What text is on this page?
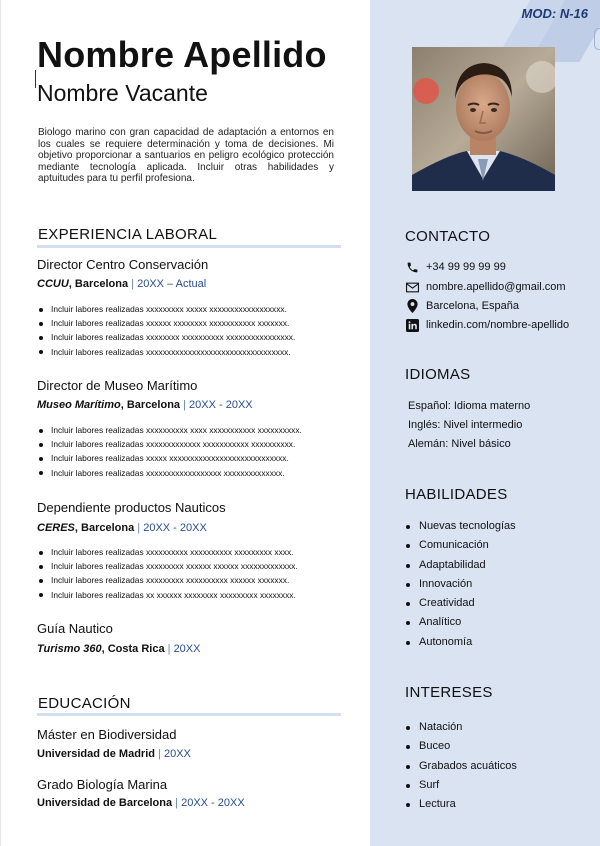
MOD: N-16
Nombre Apellido
Nombre Vacante

Biologo marino con gran capacidad de adaptación a entornos en los cuales se requiere determinación y toma de decisiones. Mi objetivo proporcionar a santuarios en peligro ecológico protección mediante tecnología aplicada. Incluir otras habilidades y aptuitudes para tu perfil profesiona.

EXPERIENCIA LABORAL
Director Centro Conservación
CCUU, Barcelona | 20XX – Actual
Incluir labores realizadas xxxxxxxxx xxxxx xxxxxxxxxxxxxxxxxx.
Incluir labores realizadas xxxxxx xxxxxxxx xxxxxxxxxxx xxxxxxx.
Incluir labores realizadas xxxxxxxx xxxxxxxxxx xxxxxxxxxxxxxxxx.
Incluir labores realizadas xxxxxxxxxxxxxxxxxxxxxxxxxxxxxxxxxx.
Director de Museo Marítimo
Museo Marítimo, Barcelona | 20XX - 20XX
Incluir labores realizadas xxxxxxxxxx xxxx xxxxxxxxxxx xxxxxxxxxx.
Incluir labores realizadas xxxxxxxxxxxxx xxxxxxxxxxx xxxxxxxxxx.
Incluir labores realizadas xxxxx xxxxxxxxxxxxxxxxxxxxxxxxxxxx.
Incluir labores realizadas xxxxxxxxxxxxxxxxxx xxxxxxxxxxxxxx.
Dependiente productos Nauticos
CERES, Barcelona | 20XX - 20XX
Incluir labores realizadas xxxxxxxxxx xxxxxxxxxx xxxxxxxxx xxxx.
Incluir labores realizadas xxxxxxxxx xxxxxx xxxxxx xxxxxxxxxxxxx.
Incluir labores realizadas xxxxxxxxx xxxxxxxxxx xxxxxx xxxxxxx.
Incluir labores realizadas xx xxxxxx xxxxxxxx xxxxxxxxx xxxxxxxx.
Guía Nautico
Turismo 360, Costa Rica | 20XX
EDUCACIÓN
Máster en Biodiversidad
Universidad de Madrid | 20XX
Grado Biología Marina
Universidad de Barcelona | 20XX - 20XX
CONTACTO
+34 99 99 99 99
nombre.apellido@gmail.com
Barcelona, España
linkedin.com/nombre-apellido
IDIOMAS
Español: Idioma materno
Inglés: Nivel intermedio
Alemán: Nivel básico
HABILIDADES
Nuevas tecnologías
Comunicación
Adaptabilidad
Innovación
Creatividad
Analítico
Autonomía
INTERESES
Natación
Buceo
Grabados acuáticos
Surf
Lectura
